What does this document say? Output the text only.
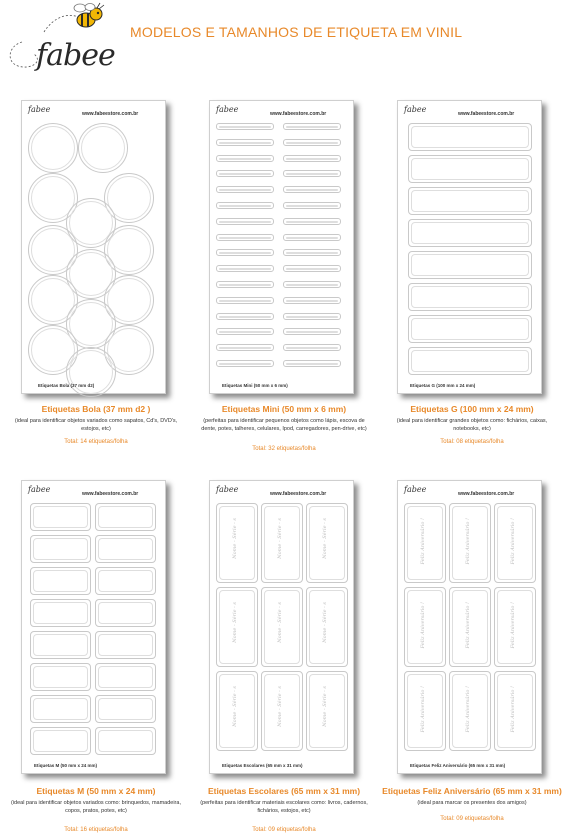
fabee
MODELOS E TAMANHOS DE ETIQUETA EM VINIL
fabee	www.fabeestore.com.br
Etiquetas Bola (37 mm d2)
Etiquetas Bola (37 mm d2 )
(ideal para identificar objetos variados como sapatos, Cd's, DVD's, estojos, etc)
Total: 14 etiquetas/folha
fabee	www.fabeestore.com.br
Etiquetas Mini (50 mm x 6 mm)
Etiquetas Mini (50 mm x 6 mm)
(perfeitas para identificar pequenos objetos como lápis, escova de dente, potes, talheres, celulares, Ipod, carregadores, pen-drive, etc)
Total: 32 etiquetas/folha
fabee	www.fabeestore.com.br
Etiquetas G (100 mm x 24 mm)
Etiquetas G (100 mm x 24 mm)
(ideal para identificar grandes objetos como: fichários, caixas, notebooks, etc)
Total: 08 etiquetas/folha
fabee	www.fabeestore.com.br
Etiquetas M (50 mm x 24 mm)
Etiquetas M (50 mm x 24 mm)
(ideal para identificar objetos variados como: brinquedos, mamadeira, copos, pratos, potes, etc)
Total: 16 etiquetas/folha
fabee	www.fabeestore.com.br
Nome - Série - s	Nome - Série - s	Nome - Série - s
Nome - Série - s	Nome - Série - s	Nome - Série - s
Nome - Série - s	Nome - Série - s	Nome - Série - s
Etiquetas Escolares (65 mm x 31 mm)
Etiquetas Escolares (65 mm x 31 mm)
(perfeitas para identificar materiais escolares como: livros, cadernos, fichários, estojos, etc)
Total: 09 etiquetas/folha
fabee	www.fabeestore.com.br
Feliz Aniversário !	Feliz Aniversário !	Feliz Aniversário !
Feliz Aniversário !	Feliz Aniversário !	Feliz Aniversário !
Feliz Aniversário !	Feliz Aniversário !	Feliz Aniversário !
Etiquetas Feliz Aniversário (65 mm x 31 mm)
Etiquetas Feliz Aniversário (65 mm x 31 mm)
(ideal para marcar os presentes dos amigos)
Total: 09 etiquetas/folha
